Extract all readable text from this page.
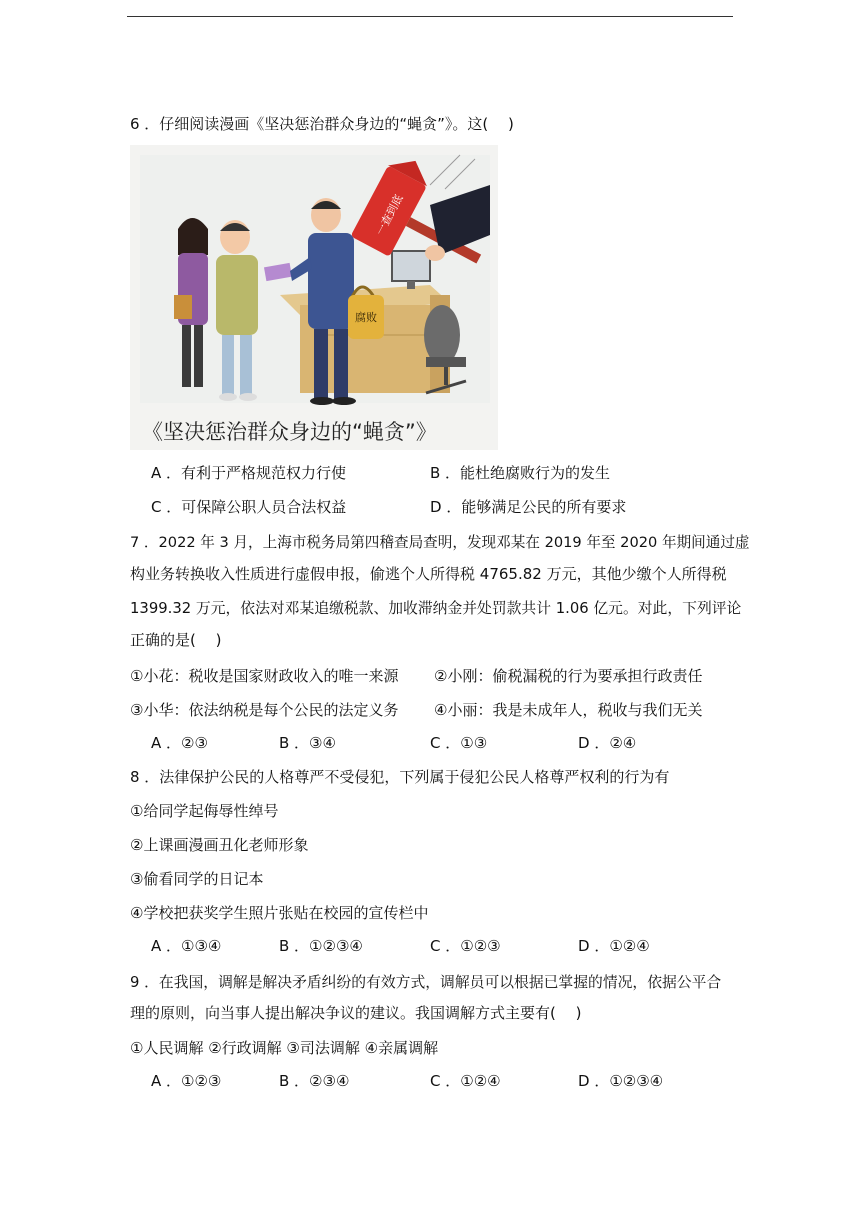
6 ．仔细阅读漫画《坚决惩治群众身边的“蝇贪”》。这(　 )
腐败
一查到底
《坚决惩治群众身边的“蝇贪”》
A ．有利于严格规范权力行使	B ．能杜绝腐败行为的发生
C ．可保障公职人员合法权益	D ．能够满足公民的所有要求
7 ．2022 年 3 月，上海市税务局第四稽查局查明，发现邓某在 2019 年至 2020 年期间通过虚
构业务转换收入性质进行虚假申报，偷逃个人所得税 4765.82 万元，其他少缴个人所得税
1399.32 万元，依法对邓某追缴税款、加收滞纳金并处罚款共计 1.06 亿元。对此，下列评论
正确的是(　 )
①小花：税收是国家财政收入的唯一来源 ②小刚：偷税漏税的行为要承担行政责任
③小华：依法纳税是每个公民的法定义务 ④小丽：我是未成年人，税收与我们无关
A ．②③	B ．③④	C ．①③	D ．②④
8 ．法律保护公民的人格尊严不受侵犯，下列属于侵犯公民人格尊严权利的行为有
①给同学起侮辱性绰号
②上课画漫画丑化老师形象
③偷看同学的日记本
④学校把获奖学生照片张贴在校园的宣传栏中
A ．①③④	B ．①②③④	C ．①②③	D ．①②④
9 ．在我国，调解是解决矛盾纠纷的有效方式，调解员可以根据已掌握的情况，依据公平合
理的原则，向当事人提出解决争议的建议。我国调解方式主要有(　 )
①人民调解 ②行政调解 ③司法调解 ④亲属调解
A ．①②③	B ．②③④	C ．①②④	D ．①②③④
